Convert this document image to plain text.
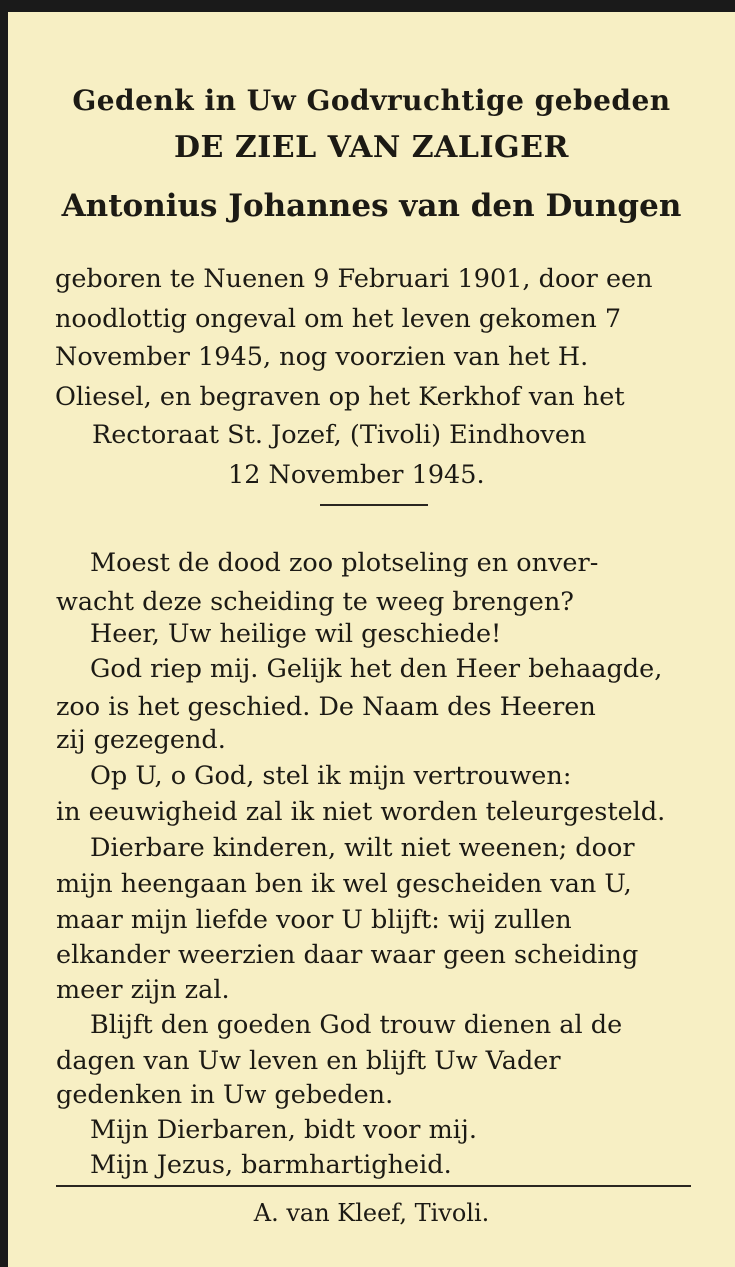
Gedenk in Uw Godvruchtige gebeden
DE ZIEL VAN ZALIGER
Antonius Johannes van den Dungen
geboren te Nuenen 9 Februari 1901, door een
noodlottig ongeval om het leven gekomen 7
November 1945, nog voorzien van het H.
Oliesel, en begraven op het Kerkhof van het
Rectoraat St. Jozef, (Tivoli) Eindhoven
12 November 1945.
Moest de dood zoo plotseling en onver-
wacht deze scheiding te weeg brengen?
Heer, Uw heilige wil geschiede!
God riep mij. Gelijk het den Heer behaagde,
zoo is het geschied. De Naam des Heeren
zij gezegend.
Op U, o God, stel ik mijn vertrouwen:
in eeuwigheid zal ik niet worden teleurgesteld.
Dierbare kinderen, wilt niet weenen; door
mijn heengaan ben ik wel gescheiden van U,
maar mijn liefde voor U blijft: wij zullen
elkander weerzien daar waar geen scheiding
meer zijn zal.
Blijft den goeden God trouw dienen al de
dagen van Uw leven en blijft Uw Vader
gedenken in Uw gebeden.
Mijn Dierbaren, bidt voor mij.
Mijn Jezus, barmhartigheid.
A. van Kleef, Tivoli.
